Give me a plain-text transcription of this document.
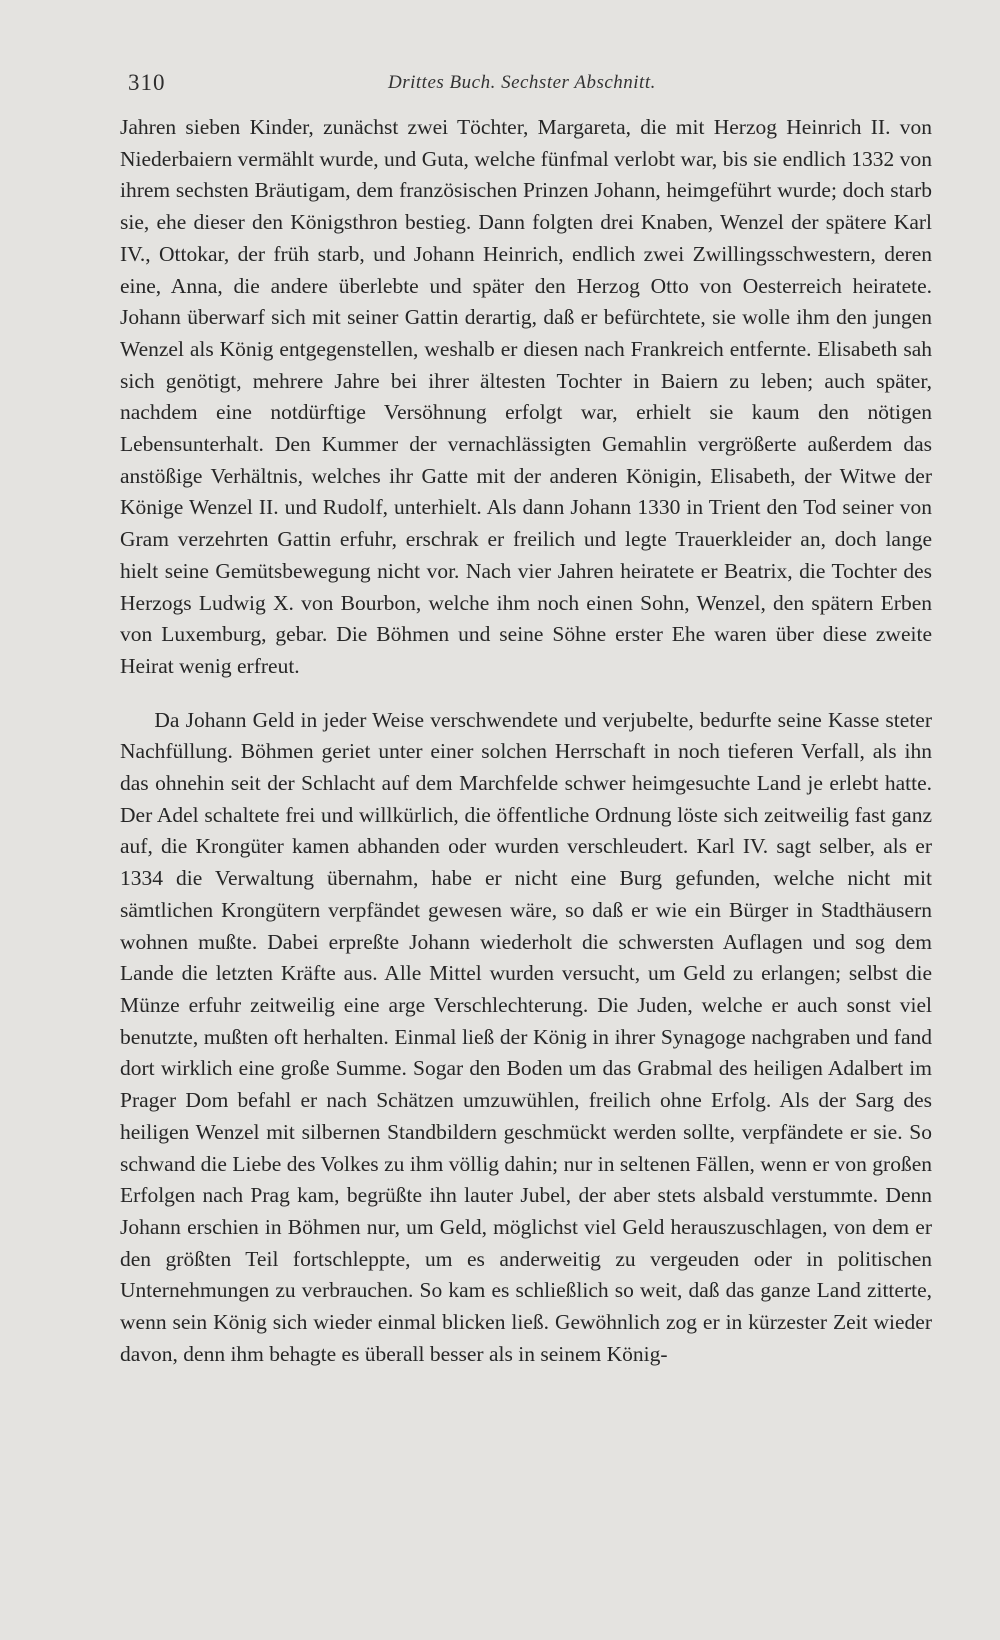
310	Drittes Buch. Sechster Abschnitt.

Jahren sieben Kinder, zunächst zwei Töchter, Margareta, die mit Herzog Heinrich II. von Niederbaiern vermählt wurde, und Guta, welche fünfmal verlobt war, bis sie endlich 1332 von ihrem sechsten Bräutigam, dem französischen Prinzen Johann, heimgeführt wurde; doch starb sie, ehe dieser den Königsthron bestieg. Dann folgten drei Knaben, Wenzel der spätere Karl IV., Ottokar, der früh starb, und Johann Heinrich, endlich zwei Zwillingsschwestern, deren eine, Anna, die andere überlebte und später den Herzog Otto von Oesterreich heiratete. Johann überwarf sich mit seiner Gattin derartig, daß er befürchtete, sie wolle ihm den jungen Wenzel als König entgegenstellen, weshalb er diesen nach Frankreich entfernte. Elisabeth sah sich genötigt, mehrere Jahre bei ihrer ältesten Tochter in Baiern zu leben; auch später, nachdem eine notdürftige Versöhnung erfolgt war, erhielt sie kaum den nötigen Lebensunterhalt. Den Kummer der vernachlässigten Gemahlin vergrößerte außerdem das anstößige Verhältnis, welches ihr Gatte mit der anderen Königin, Elisabeth, der Witwe der Könige Wenzel II. und Rudolf, unterhielt. Als dann Johann 1330 in Trient den Tod seiner von Gram verzehrten Gattin erfuhr, erschrak er freilich und legte Trauerkleider an, doch lange hielt seine Gemütsbewegung nicht vor. Nach vier Jahren heiratete er Beatrix, die Tochter des Herzogs Ludwig X. von Bourbon, welche ihm noch einen Sohn, Wenzel, den spätern Erben von Luxemburg, gebar. Die Böhmen und seine Söhne erster Ehe waren über diese zweite Heirat wenig erfreut.

Da Johann Geld in jeder Weise verschwendete und verjubelte, bedurfte seine Kasse steter Nachfüllung. Böhmen geriet unter einer solchen Herrschaft in noch tieferen Verfall, als ihn das ohnehin seit der Schlacht auf dem Marchfelde schwer heimgesuchte Land je erlebt hatte. Der Adel schaltete frei und willkürlich, die öffentliche Ordnung löste sich zeitweilig fast ganz auf, die Krongüter kamen abhanden oder wurden verschleudert. Karl IV. sagt selber, als er 1334 die Verwaltung übernahm, habe er nicht eine Burg gefunden, welche nicht mit sämtlichen Krongütern verpfändet gewesen wäre, so daß er wie ein Bürger in Stadthäusern wohnen mußte. Dabei erpreßte Johann wiederholt die schwersten Auflagen und sog dem Lande die letzten Kräfte aus. Alle Mittel wurden versucht, um Geld zu erlangen; selbst die Münze erfuhr zeitweilig eine arge Verschlechterung. Die Juden, welche er auch sonst viel benutzte, mußten oft herhalten. Einmal ließ der König in ihrer Synagoge nachgraben und fand dort wirklich eine große Summe. Sogar den Boden um das Grabmal des heiligen Adalbert im Prager Dom befahl er nach Schätzen umzuwühlen, freilich ohne Erfolg. Als der Sarg des heiligen Wenzel mit silbernen Standbildern geschmückt werden sollte, verpfändete er sie. So schwand die Liebe des Volkes zu ihm völlig dahin; nur in seltenen Fällen, wenn er von großen Erfolgen nach Prag kam, begrüßte ihn lauter Jubel, der aber stets alsbald verstummte. Denn Johann erschien in Böhmen nur, um Geld, möglichst viel Geld herauszuschlagen, von dem er den größten Teil fortschleppte, um es anderweitig zu vergeuden oder in politischen Unternehmungen zu verbrauchen. So kam es schließlich so weit, daß das ganze Land zitterte, wenn sein König sich wieder einmal blicken ließ. Gewöhnlich zog er in kürzester Zeit wieder davon, denn ihm behagte es überall besser als in seinem König-
